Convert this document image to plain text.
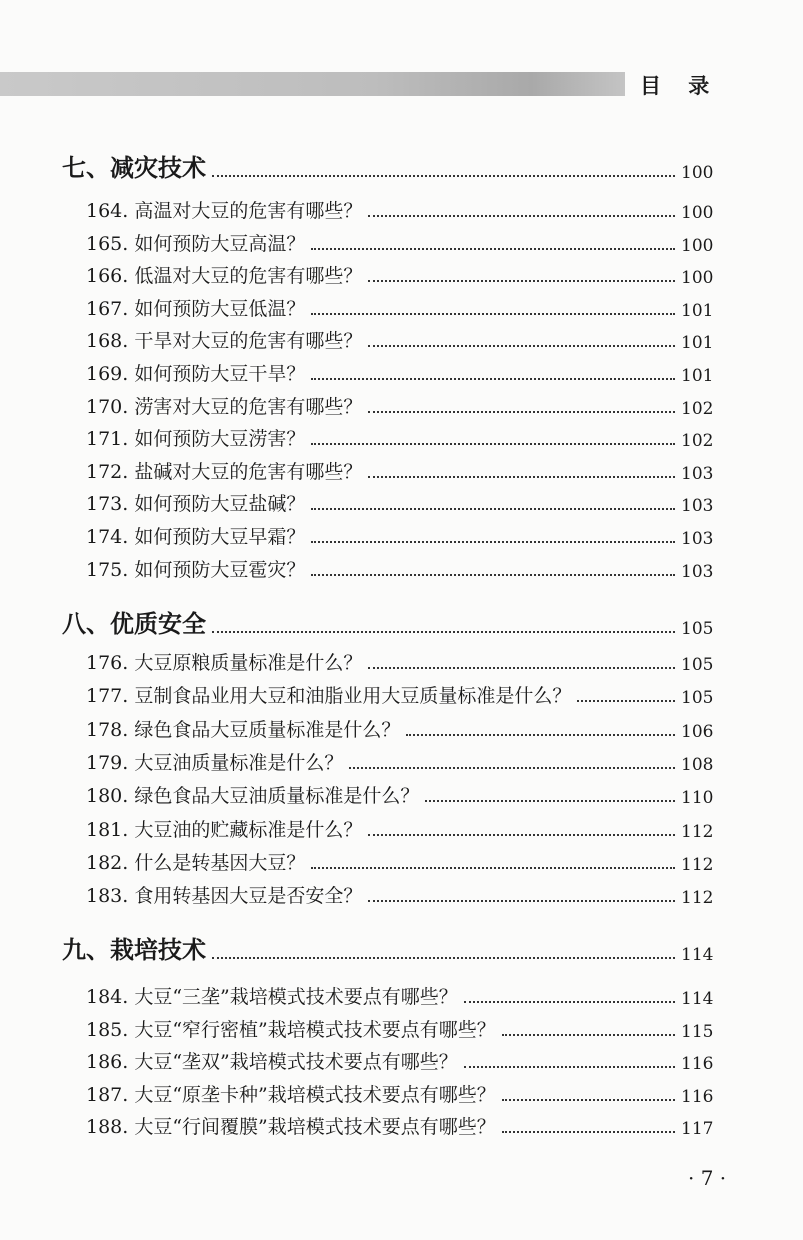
目 录
七、减灾技术	100
164. 高温对大豆的危害有哪些？	100
165. 如何预防大豆高温？	100
166. 低温对大豆的危害有哪些？	100
167. 如何预防大豆低温？	101
168. 干旱对大豆的危害有哪些？	101
169. 如何预防大豆干旱？	101
170. 涝害对大豆的危害有哪些？	102
171. 如何预防大豆涝害？	102
172. 盐碱对大豆的危害有哪些？	103
173. 如何预防大豆盐碱？	103
174. 如何预防大豆早霜？	103
175. 如何预防大豆雹灾？	103
八、优质安全	105
176. 大豆原粮质量标准是什么？	105
177. 豆制食品业用大豆和油脂业用大豆质量标准是什么？	105
178. 绿色食品大豆质量标准是什么？	106
179. 大豆油质量标准是什么？	108
180. 绿色食品大豆油质量标准是什么？	110
181. 大豆油的贮藏标准是什么？	112
182. 什么是转基因大豆？	112
183. 食用转基因大豆是否安全？	112
九、栽培技术	114
184. 大豆“三垄”栽培模式技术要点有哪些？	114
185. 大豆“窄行密植”栽培模式技术要点有哪些？	115
186. 大豆“垄双”栽培模式技术要点有哪些？	116
187. 大豆“原垄卡种”栽培模式技术要点有哪些？	116
188. 大豆“行间覆膜”栽培模式技术要点有哪些？	117
· 7 ·
